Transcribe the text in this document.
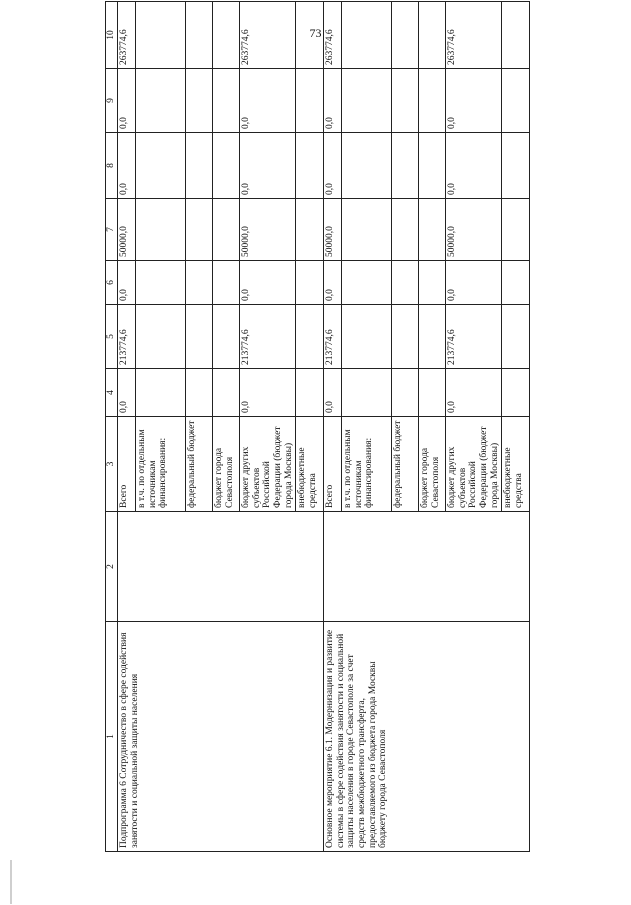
73
1	2	3	4	5	6	7	8	9	10
Подпрограмма 6 Сотрудничество в сфере содействия занятости и социальной защиты населения		Всего	0,0	213774,6	0,0	50000,0	0,0	0,0	263774,6
		в т.ч. по отдельным источникам финансирования:							
		федеральный бюджет							
		бюджет города Севастополя							
		бюджет других субъектов Российской Федерации (бюджет города Москвы)	0,0	213774,6	0,0	50000,0	0,0	0,0	263774,6
		внебюджетные средства							
Основное мероприятие 6.1. Модернизация и развитие системы в сфере содействия занятости и социальной защиты населения в городе Севастополе за счет средств межбюджетного трансферта, предоставляемого из бюджета города Москвы бюджету города Севастополя		Всего	0,0	213774,6	0,0	50000,0	0,0	0,0	263774,6
		в т.ч. по отдельным источникам финансирования:							
		федеральный бюджет							
		бюджет города Севастополя							
		бюджет других субъектов Российской Федерации (бюджет города Москвы)	0,0	213774,6	0,0	50000,0	0,0	0,0	263774,6
		внебюджетные средства							
